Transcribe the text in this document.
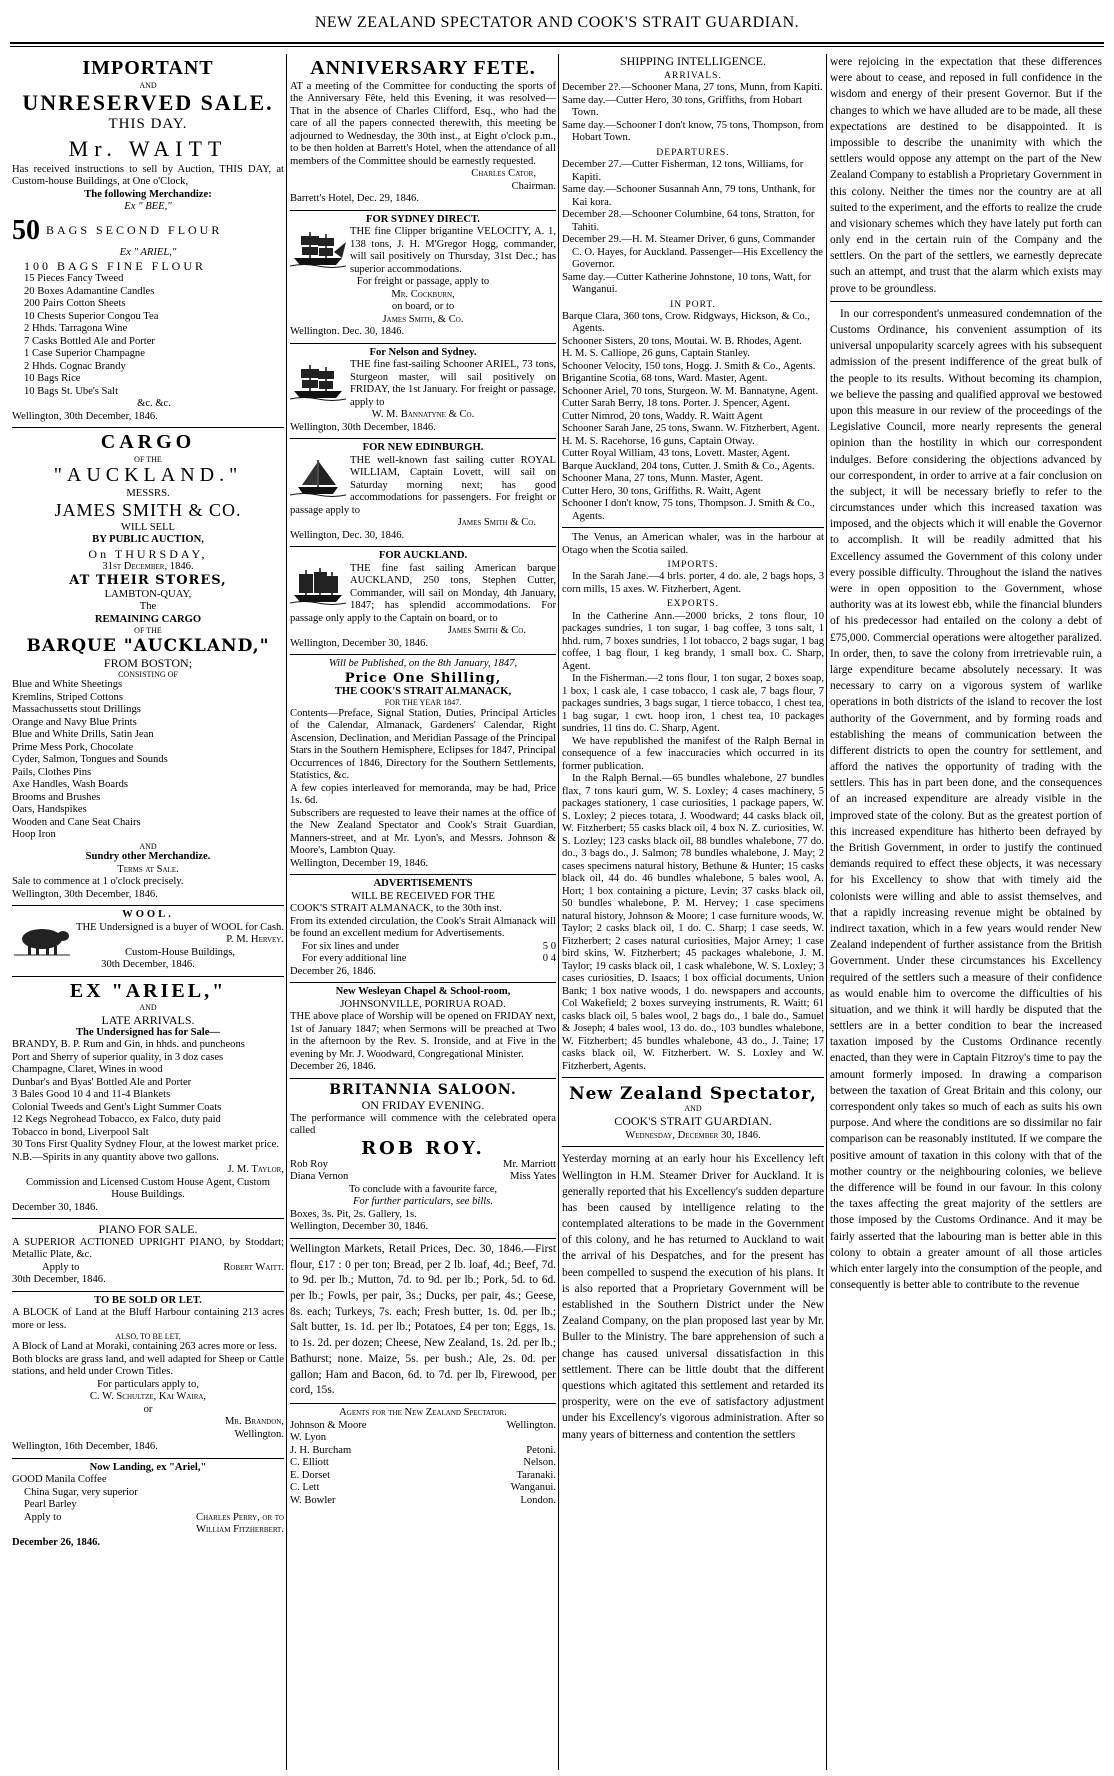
NEW ZEALAND SPECTATOR AND COOK'S STRAIT GUARDIAN.
IMPORTANT
AND
UNRESERVED SALE.
THIS DAY.
Mr. WAITT
Has received instructions to sell by Auction, THIS DAY, at Custom-house Buildings, at One o'Clock,
The following Merchandize:
Ex " BEE,"
50 BAGS SECOND FLOUR
Ex " ARIEL,"
100 BAGS FINE FLOUR
15 Pieces Fancy Tweed
20 Boxes Adamantine Candles
200 Pairs Cotton Sheets
10 Chests Superior Congou Tea
2 Hhds. Tarragona Wine
7 Casks Bottled Ale and Porter
1 Case Superior Champagne
2 Hhds. Cognac Brandy
10 Bags Rice
10 Bags St. Ube's Salt
&c. &c.
Wellington, 30th December, 1846.
CARGO
OF THE
"AUCKLAND."
MESSRS.
JAMES SMITH & CO.
WILL SELL
BY PUBLIC AUCTION,
On THURSDAY,
31st December, 1846.
AT THEIR STORES,
LAMBTON-QUAY,
The
REMAINING CARGO
OF THE
BARQUE "AUCKLAND,"
FROM BOSTON;
CONSISTING OF
Blue and White Sheetings
Kremlins, Striped Cottons
Massachussetts stout Drillings
Orange and Navy Blue Prints
Blue and White Drills, Satin Jean
Prime Mess Pork, Chocolate
Cyder, Salmon, Tongues and Sounds
Pails, Clothes Pins
Axe Handles, Wash Boards
Brooms and Brushes
Oars, Handspikes
Wooden and Cane Seat Chairs
Hoop Iron
AND
Sundry other Merchandize.
Terms at Sale.
Sale to commence at 1 o'clock precisely.
Wellington, 30th December, 1846.
WOOL.
THE Undersigned is a buyer of WOOL for Cash.
P. M. Hervey.
Custom-House Buildings,
30th December, 1846.
EX "ARIEL,"
AND
LATE ARRIVALS.
The Undersigned has for Sale—
BRANDY, B. P. Rum and Gin, in hhds. and puncheons
Port and Sherry of superior quality, in 3 doz cases
Champagne, Claret, Wines in wood
Dunbar's and Byas' Bottled Ale and Porter
3 Bales Good 10 4 and 11-4 Blankets
Colonial Tweeds and Gent's Light Summer Coats
12 Kegs Negrohead Tobacco, ex Falco, duty paid
Tobacco in bond, Liverpool Salt
30 Tons First Quality Sydney Flour, at the lowest market price.
N.B.—Spirits in any quantity above two gallons.
J. M. Taylor,
Commission and Licensed Custom House Agent, Custom House Buildings.
December 30, 1846.
PIANO FOR SALE.
A SUPERIOR ACTIONED UPRIGHT PIANO, by Stoddart; Metallic Plate, &c.
Apply to	Robert Waitt.
30th December, 1846.
TO BE SOLD OR LET.
A BLOCK of Land at the Bluff Harbour containing 213 acres more or less.
ALSO, TO BE LET,
A Block of Land at Moraki, containing 263 acres more or less.
Both blocks are grass land, and well adapted for Sheep or Cattle stations, and held under Crown Titles.
For particulars apply to,
C. W. Schultze, Kai Waira,
or
Mr. Brandon,
Wellington.
Wellington, 16th December, 1846.
Now Landing, ex "Ariel,"
GOOD Manila Coffee
China Sugar, very superior
Pearl Barley
Apply to	Charles Perry, or to
William Fitzherbert.
December 26, 1846.
ANNIVERSARY FETE.
AT a meeting of the Committee for conducting the sports of the Anniversary Fête, held this Evening, it was resolved—That in the absence of Charles Clifford, Esq., who had the care of all the papers connected therewith, this meeting be adjourned to Wednesday, the 30th inst., at Eight o'clock p.m., to be then holden at Barrett's Hotel, when the attendance of all members of the Committee should be earnestly requested.
Charles Cator,
Chairman.
Barrett's Hotel, Dec. 29, 1846.
FOR SYDNEY DIRECT.
THE fine Clipper brigantine VELOCITY, A. 1, 138 tons, J. H. M'Gregor Hogg, commander, will sail positively on Thursday, 31st Dec.; has superior accommodations.
For freight or passage, apply to
Mr. Cockburn,
on board, or to
James Smith, & Co.
Wellington. Dec. 30, 1846.
For Nelson and Sydney.
THE fine fast-sailing Schooner ARIEL, 73 tons, Sturgeon master, will sail positively on FRIDAY, the 1st January. For freight or passage, apply to
W. M. Bannatyne & Co.
Wellington, 30th December, 1846.
FOR NEW EDINBURGH.
THE well-known fast sailing cutter ROYAL WILLIAM, Captain Lovett, will sail on Saturday morning next; has good accommodations for passengers. For freight or passage apply to
James Smith & Co.
Wellington, Dec. 30, 1846.
FOR AUCKLAND.
THE fine fast sailing American barque AUCKLAND, 250 tons, Stephen Cutter, Commander, will sail on Monday, 4th January, 1847; has splendid accommodations. For passage only apply to the Captain on board, or to
James Smith & Co.
Wellington, December 30, 1846.
Will be Published, on the 8th January, 1847,
Price One Shilling,
THE COOK'S STRAIT ALMANACK,
FOR THE YEAR 1847.
Contents—Preface, Signal Station, Duties, Principal Articles of the Calendar, Almanack, Gardeners' Calendar, Right Ascension, Declination, and Meridian Passage of the Principal Stars in the Southern Hemisphere, Eclipses for 1847, Principal Occurrences of 1846, Directory for the Southern Settlements, Statistics, &c.
A few copies interleaved for memoranda, may be had, Price 1s. 6d.
Subscribers are requested to leave their names at the office of the New Zealand Spectator and Cook's Strait Guardian, Manners-street, and at Mr. Lyon's, and Messrs. Johnson & Moore's, Lambton Quay.
Wellington, December 19, 1846.
ADVERTISEMENTS
WILL BE RECEIVED FOR THE
COOK'S STRAIT ALMANACK, to the 30th inst.
From its extended circulation, the Cook's Strait Almanack will be found an excellent medium for Advertisements.
For six lines and under	5 0
For every additional line	0 4
December 26, 1846.
New Wesleyan Chapel & School-room,
JOHNSONVILLE, PORIRUA ROAD.
THE above place of Worship will be opened on FRIDAY next, 1st of January 1847; when Sermons will be preached at Two in the afternoon by the Rev. S. Ironside, and at Five in the evening by Mr. J. Woodward, Congregational Minister.
December 26, 1846.
BRITANNIA SALOON.
ON FRIDAY EVENING.
The performance will commence with the celebrated opera called
ROB ROY.
Rob Roy	Mr. Marriott
Diana Vernon	Miss Yates
To conclude with a favourite farce,
For further particulars, see bills.
Boxes, 3s. Pit, 2s. Gallery, 1s.
Wellington, December 30, 1846.
Wellington Markets, Retail Prices, Dec. 30, 1846.—First flour, £17 : 0 per ton; Bread, per 2 lb. loaf, 4d.; Beef, 7d. to 9d. per lb.; Mutton, 7d. to 9d. per lb.; Pork, 5d. to 6d. per lb.; Fowls, per pair, 3s.; Ducks, per pair, 4s.; Geese, 8s. each; Turkeys, 7s. each; Fresh butter, 1s. 0d. per lb.; Salt butter, 1s. 1d. per lb.; Potatoes, £4 per ton; Eggs, 1s. to 1s. 2d. per dozen; Cheese, New Zealand, 1s. 2d. per lb.; Bathurst; none. Maize, 5s. per bush.; Ale, 2s. 0d. per gallon; Ham and Bacon, 6d. to 7d. per lb, Firewood, per cord, 15s.
Agents for the New Zealand Spectator.
Johnson & Moore	Wellington.
W. Lyon
J. H. Burcham	Petoni.
C. Elliott	Nelson.
E. Dorset	Taranaki.
C. Lett	Wanganui.
W. Bowler	London.
SHIPPING INTELLIGENCE.
ARRIVALS.
December 2?.—Schooner Mana, 27 tons, Munn, from Kapiti.
Same day.—Cutter Hero, 30 tons, Griffiths, from Hobart Town.
Same day.—Schooner I don't know, 75 tons, Thompson, from Hobart Town.
DEPARTURES.
December 27.—Cutter Fisherman, 12 tons, Williams, for Kapiti.
Same day.—Schooner Susannah Ann, 79 tons, Unthank, for Kai kora.
December 28.—Schooner Columbine, 64 tons, Stratton, for Tahiti.
December 29.—H. M. Steamer Driver, 6 guns, Commander C. O. Hayes, for Auckland. Passenger—His Excellency the Governor.
Same day.—Cutter Katherine Johnstone, 10 tons, Watt, for Wanganui.
IN PORT.
Barque Clara, 360 tons, Crow. Ridgways, Hickson, & Co., Agents.
Schooner Sisters, 20 tons, Moutai. W. B. Rhodes, Agent.
H. M. S. Calliope, 26 guns, Captain Stanley.
Schooner Velocity, 150 tons, Hogg. J. Smith & Co., Agents.
Brigantine Scotia, 68 tons, Ward. Master, Agent.
Schooner Ariel, 70 tons, Sturgeon. W. M. Bannatyne, Agent.
Cutter Sarah Berry, 18 tons. Porter. J. Spencer, Agent.
Cutter Nimrod, 20 tons, Waddy. R. Waitt Agent
Schooner Sarah Jane, 25 tons, Swann. W. Fitzherbert, Agent.
H. M. S. Racehorse, 16 guns, Captain Otway.
Cutter Royal William, 43 tons, Lovett. Master, Agent.
Barque Auckland, 204 tons, Cutter. J. Smith & Co., Agents.
Schooner Mana, 27 tons, Munn. Master, Agent.
Cutter Hero, 30 tons, Griffiths. R. Waitt, Agent
Schooner I don't know, 75 tons, Thompson. J. Smith & Co., Agents.
The Venus, an American whaler, was in the harbour at Otago when the Scotia sailed.
IMPORTS.
In the Sarah Jane.—4 brls. porter, 4 do. ale, 2 bags hops, 3 corn mills, 15 axes. W. Fitzherbert, Agent.
EXPORTS.
In the Catherine Ann.—2000 bricks, 2 tons flour, 10 packages sundries, 1 ton sugar, 1 bag coffee, 3 tons salt, 1 hhd. rum, 7 boxes sundries, 1 lot tobacco, 2 bags sugar, 1 bag coffee, 1 bag flour, 1 keg brandy, 1 small box. C. Sharp, Agent.
In the Fisherman.—2 tons flour, 1 ton sugar, 2 boxes soap, 1 box, 1 cask ale, 1 case tobacco, 1 cask ale, 7 bags flour, 7 packages sundries, 3 bags sugar, 1 tierce tobacco, 1 chest tea, 1 bag sugar, 1 cwt. hoop iron, 1 chest tea, 10 packages sundries, 11 tins do. C. Sharp, Agent.
We have republished the manifest of the Ralph Bernal in consequence of a few inaccuracies which occurred in its former publication.
In the Ralph Bernal.—65 bundles whalebone, 27 bundles flax, 7 tons kauri gum, W. S. Loxley; 4 cases machinery, 5 packages stationery, 1 case curiosities, 1 package papers, W. S. Loxley; 2 pieces totara, J. Woodward; 44 casks black oil, W. Fitzherbert; 55 casks black oil, 4 box N. Z. curiosities, W. S. Lozley; 123 casks black oil, 88 bundles whalebone, 77 do. do., 3 bags do., J. Salmon; 78 bundles whalebone, J. May; 2 cases specimens natural history, Bethune & Hunter; 15 casks black oil, 44 do. 46 bundles whalebone, 5 bales wool, A. Hort; 1 box containing a picture, Levin; 37 casks black oil, 50 bundles whalebone, P. M. Hervey; 1 case specimens natural history, Johnson & Moore; 1 case furniture woods, W. Taylor; 2 casks black oil, 1 do. C. Sharp; 1 case seeds, W. Fitzherbert; 2 cases natural curiosities, Major Arney; 1 case bird skins, W. Fitzherbert; 45 packages whalebone, J. M. Taylor; 19 casks black oil, 1 cask whalebone, W. S. Loxley; 3 cases curiosities, D. Isaacs; 1 box official documents, Union Bank; 1 box native woods, 1 do. newspapers and accounts, Col Wakefield; 2 boxes surveying instruments, R. Waitt; 61 casks black oil, 5 bales wool, 2 bags do., 1 bale do., Samuel & Joseph; 4 bales wool, 13 do. do., 103 bundles whalebone, W. Fitzherbert; 45 bundles whalebone, 43 do., J. Taine; 17 casks black oil, W. Fitzherbert. W. S. Loxley and W. Fitzherbert, Agents.
New Zealand Spectator,
AND
COOK'S STRAIT GUARDIAN.
Wednesday, December 30, 1846.
Yesterday morning at an early hour his Excellency left Wellington in H.M. Steamer Driver for Auckland. It is generally reported that his Excellency's sudden departure has been caused by intelligence relating to the contemplated alterations to be made in the Government of this colony, and he has returned to Auckland to wait the arrival of his Despatches, and for the present has been compelled to suspend the execution of his plans. It is also reported that a Proprietary Government will be established in the Southern District under the New Zealand Company, on the plan proposed last year by Mr. Buller to the Ministry. The bare apprehension of such a change has caused universal dissatisfaction in this settlement. There can be little doubt that the different questions which agitated this settlement and retarded its prosperity, were on the eve of satisfactory adjustment under his Excellency's vigorous administration. After so many years of bitterness and contention the settlers
were rejoicing in the expectation that these differences were about to cease, and reposed in full confidence in the wisdom and energy of their present Governor. But if the changes to which we have alluded are to be made, all these expectations are destined to be disappointed. It is impossible to describe the unanimity with which the settlers would oppose any attempt on the part of the New Zealand Company to establish a Proprietary Government in this colony. Neither the times nor the country are at all suited to the experiment, and the efforts to realize the crude and visionary schemes which they have lately put forth can only end in the certain ruin of the Company and the settlers. On the part of the settlers, we earnestly deprecate such an attempt, and trust that the alarm which exists may prove to be groundless.
In our correspondent's unmeasured condemnation of the Customs Ordinance, his convenient assumption of its universal unpopularity scarcely agrees with his subsequent admission of the present indifference of the great bulk of the people to its results. Without becoming its champion, we believe the passing and qualified approval we bestowed upon this measure in our review of the proceedings of the Legislative Council, more nearly represents the general opinion than the hostility in which our correspondent indulges. Before considering the objections advanced by our correspondent, in order to arrive at a fair conclusion on the subject, it will be necessary briefly to refer to the circumstances under which this increased taxation was imposed, and the objects which it will enable the Governor to accomplish. It will be readily admitted that his Excellency assumed the Government of this colony under every possible difficulty. Throughout the island the natives were in open opposition to the Government, whose authority was at its lowest ebb, while the financial blunders of his predecessor had entailed on the colony a debt of £75,000. Commercial operations were altogether paralized. In order, then, to save the colony from irretrievable ruin, a large expenditure became absolutely necessary. It was necessary to carry on a vigorous system of warlike operations in both districts of the island to recover the lost authority of the Government, and by forming roads and establishing the means of communication between the different districts to open the country for settlement, and afford the natives the opportunity of trading with the settlers. This has in part been done, and the consequences of an increased expenditure are already visible in the improved state of the colony. But as the greatest portion of this increased expenditure has hitherto been defrayed by the British Government, in order to justify the continued demands required to effect these objects, it was necessary for his Excellency to show that with timely aid the colonists were willing and able to assist themselves, and that a rapidly increasing revenue might be obtained by indirect taxation, which in a few years would render New Zealand independent of further assistance from the British Government. Under these circumstances his Excellency required of the settlers such a measure of their confidence as would enable him to overcome the difficulties of his situation, and we think it will hardly be disputed that the settlers are in a better condition to bear the increased taxation imposed by the Customs Ordinance recently enacted, than they were in Captain Fitzroy's time to pay the amount formerly imposed. In drawing a comparison between the taxation of Great Britain and this colony, our correspondent only takes so much of each as suits his own purpose. And where the conditions are so dissimilar no fair comparison can be reasonably instituted. If we compare the positive amount of taxation in this colony with that of the mother country or the neighbouring colonies, we believe the difference will be found in our favour. In this colony the taxes affecting the great majority of the settlers are those imposed by the Customs Ordinance. And it may be fairly asserted that the labouring man is better able in this colony to obtain a greater amount of all those articles which enter largely into the consumption of the people, and consequently is better able to contribute to the revenue
